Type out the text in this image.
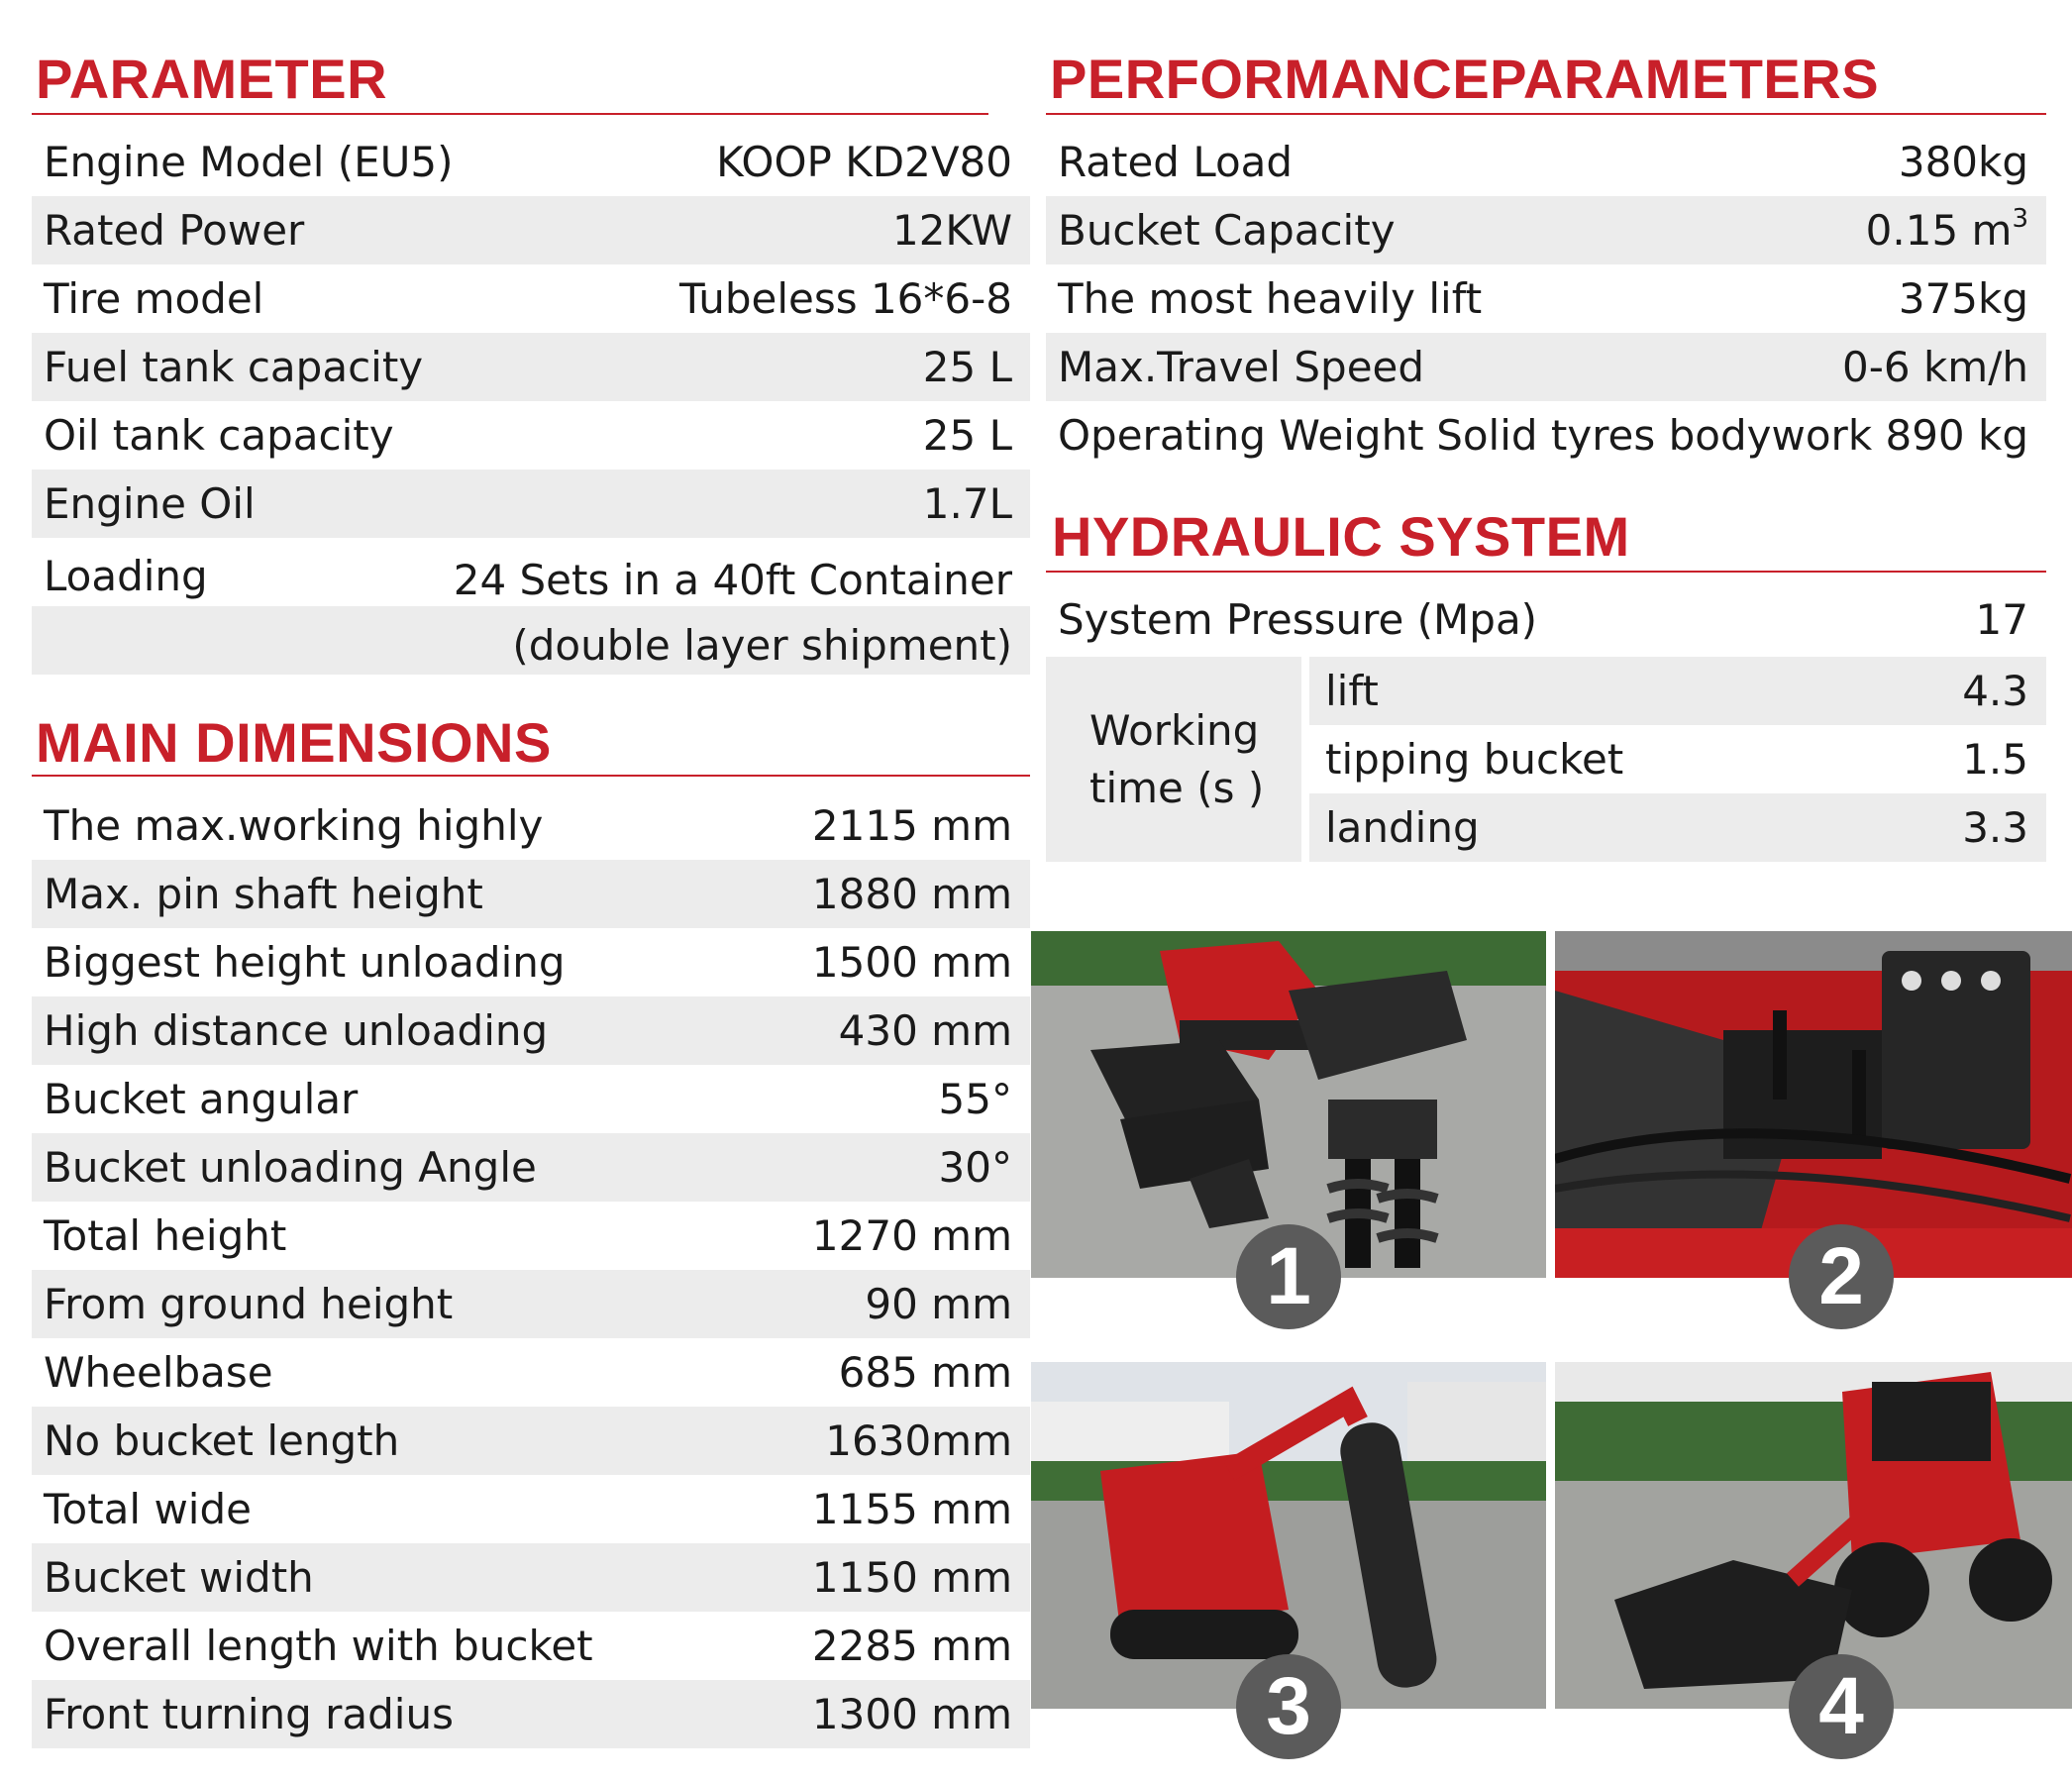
PARAMETER
Engine Model (EU5)	KOOP KD2V80
Rated Power	12KW
Tire model	Tubeless 16*6-8
Fuel tank capacity	25 L
Oil tank capacity	25 L
Engine Oil	1.7L
Loading	24 Sets in a 40ft Container
(double layer shipment)
MAIN DIMENSIONS
The max.working highly	2115 mm
Max. pin shaft height	1880 mm
Biggest height unloading	1500 mm
High distance unloading	430 mm
Bucket angular	55°
Bucket unloading Angle	30°
Total height	1270 mm
From ground height	90 mm
Wheelbase	685 mm
No bucket length	1630mm
Total wide	1155 mm
Bucket width	1150 mm
Overall length with bucket	2285 mm
Front turning radius	1300 mm
PERFORMANCEPARAMETERS
Rated Load	380kg
Bucket Capacity	0.15 $m^3$
The most heavily lift	375kg
Max.Travel Speed	0-6 km/h
Operating Weight Solid tyres bodywork 890 kg
HYDRAULIC SYSTEM
System Pressure (Mpa)	17
Working
time (s )
lift	4.3
tipping bucket	1.5
landing	3.3
1	2
3	4
